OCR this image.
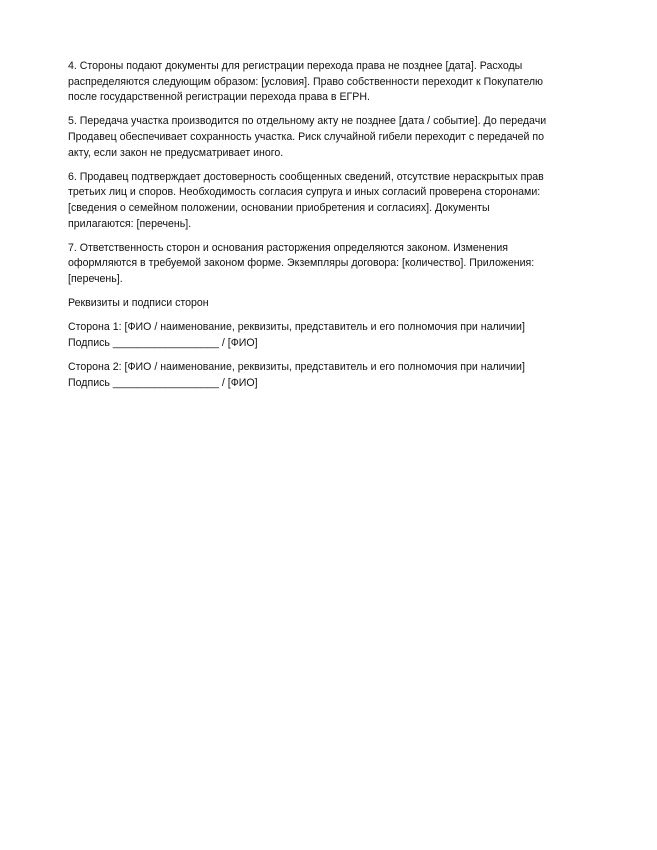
4. Стороны подают документы для регистрации перехода права не позднее [дата]. Расходы
распределяются следующим образом: [условия]. Право собственности переходит к Покупателю
после государственной регистрации перехода права в ЕГРН.

5. Передача участка производится по отдельному акту не позднее [дата / событие]. До передачи
Продавец обеспечивает сохранность участка. Риск случайной гибели переходит с передачей по
акту, если закон не предусматривает иного.

6. Продавец подтверждает достоверность сообщенных сведений, отсутствие нераскрытых прав
третьих лиц и споров. Необходимость согласия супруга и иных согласий проверена сторонами:
[сведения о семейном положении, основании приобретения и согласиях]. Документы
прилагаются: [перечень].

7. Ответственность сторон и основания расторжения определяются законом. Изменения
оформляются в требуемой законом форме. Экземпляры договора: [количество]. Приложения:
[перечень].

Реквизиты и подписи сторон

Сторона 1: [ФИО / наименование, реквизиты, представитель и его полномочия при наличии]
Подпись __________________ / [ФИО]

Сторона 2: [ФИО / наименование, реквизиты, представитель и его полномочия при наличии]
Подпись __________________ / [ФИО]
